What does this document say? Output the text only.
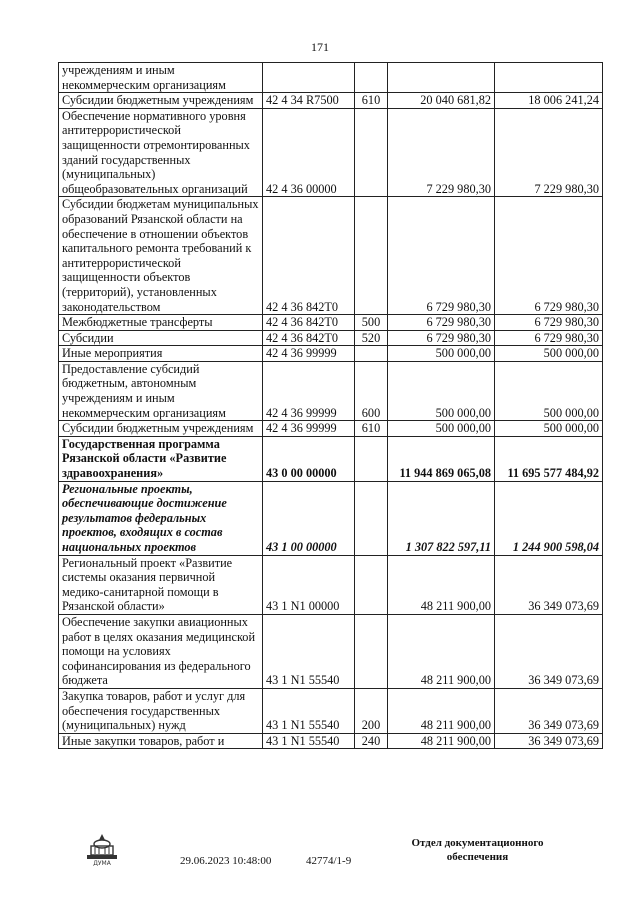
171
учреждениям и иным некоммерческим организациям				
Субсидии бюджетным учреждениям	42 4 34 R7500	610	20 040 681,82	18 006 241,24
Обеспечение нормативного уровня антитеррористической защищенности отремонтированных зданий государственных (муниципальных) общеобразовательных организаций	42 4 36 00000		7 229 980,30	7 229 980,30
Субсидии бюджетам муниципальных образований Рязанской области на обеспечение в отношении объектов капитального ремонта требований к антитеррористической защищенности объектов (территорий), установленных законодательством	42 4 36 842Т0		6 729 980,30	6 729 980,30
Межбюджетные трансферты	42 4 36 842Т0	500	6 729 980,30	6 729 980,30
Субсидии	42 4 36 842Т0	520	6 729 980,30	6 729 980,30
Иные мероприятия	42 4 36 99999		500 000,00	500 000,00
Предоставление субсидий бюджетным, автономным учреждениям и иным некоммерческим организациям	42 4 36 99999	600	500 000,00	500 000,00
Субсидии бюджетным учреждениям	42 4 36 99999	610	500 000,00	500 000,00
Государственная программа Рязанской области «Развитие здравоохранения»	43 0 00 00000		11 944 869 065,08	11 695 577 484,92
Региональные проекты, обеспечивающие достижение результатов федеральных проектов, входящих в состав национальных проектов	43 1 00 00000		1 307 822 597,11	1 244 900 598,04
Региональный проект «Развитие системы оказания первичной медико-санитарной помощи в Рязанской области»	43 1 N1 00000		48 211 900,00	36 349 073,69
Обеспечение закупки авиационных работ в целях оказания медицинской помощи на условиях софинансирования из федерального бюджета	43 1 N1 55540		48 211 900,00	36 349 073,69
Закупка товаров, работ и услуг для обеспечения государственных (муниципальных) нужд	43 1 N1 55540	200	48 211 900,00	36 349 073,69
Иные закупки товаров, работ и	43 1 N1 55540	240	48 211 900,00	36 349 073,69
ДУМА	29.06.2023 10:48:00	42774/1-9
Отдел документационного
обеспечения
